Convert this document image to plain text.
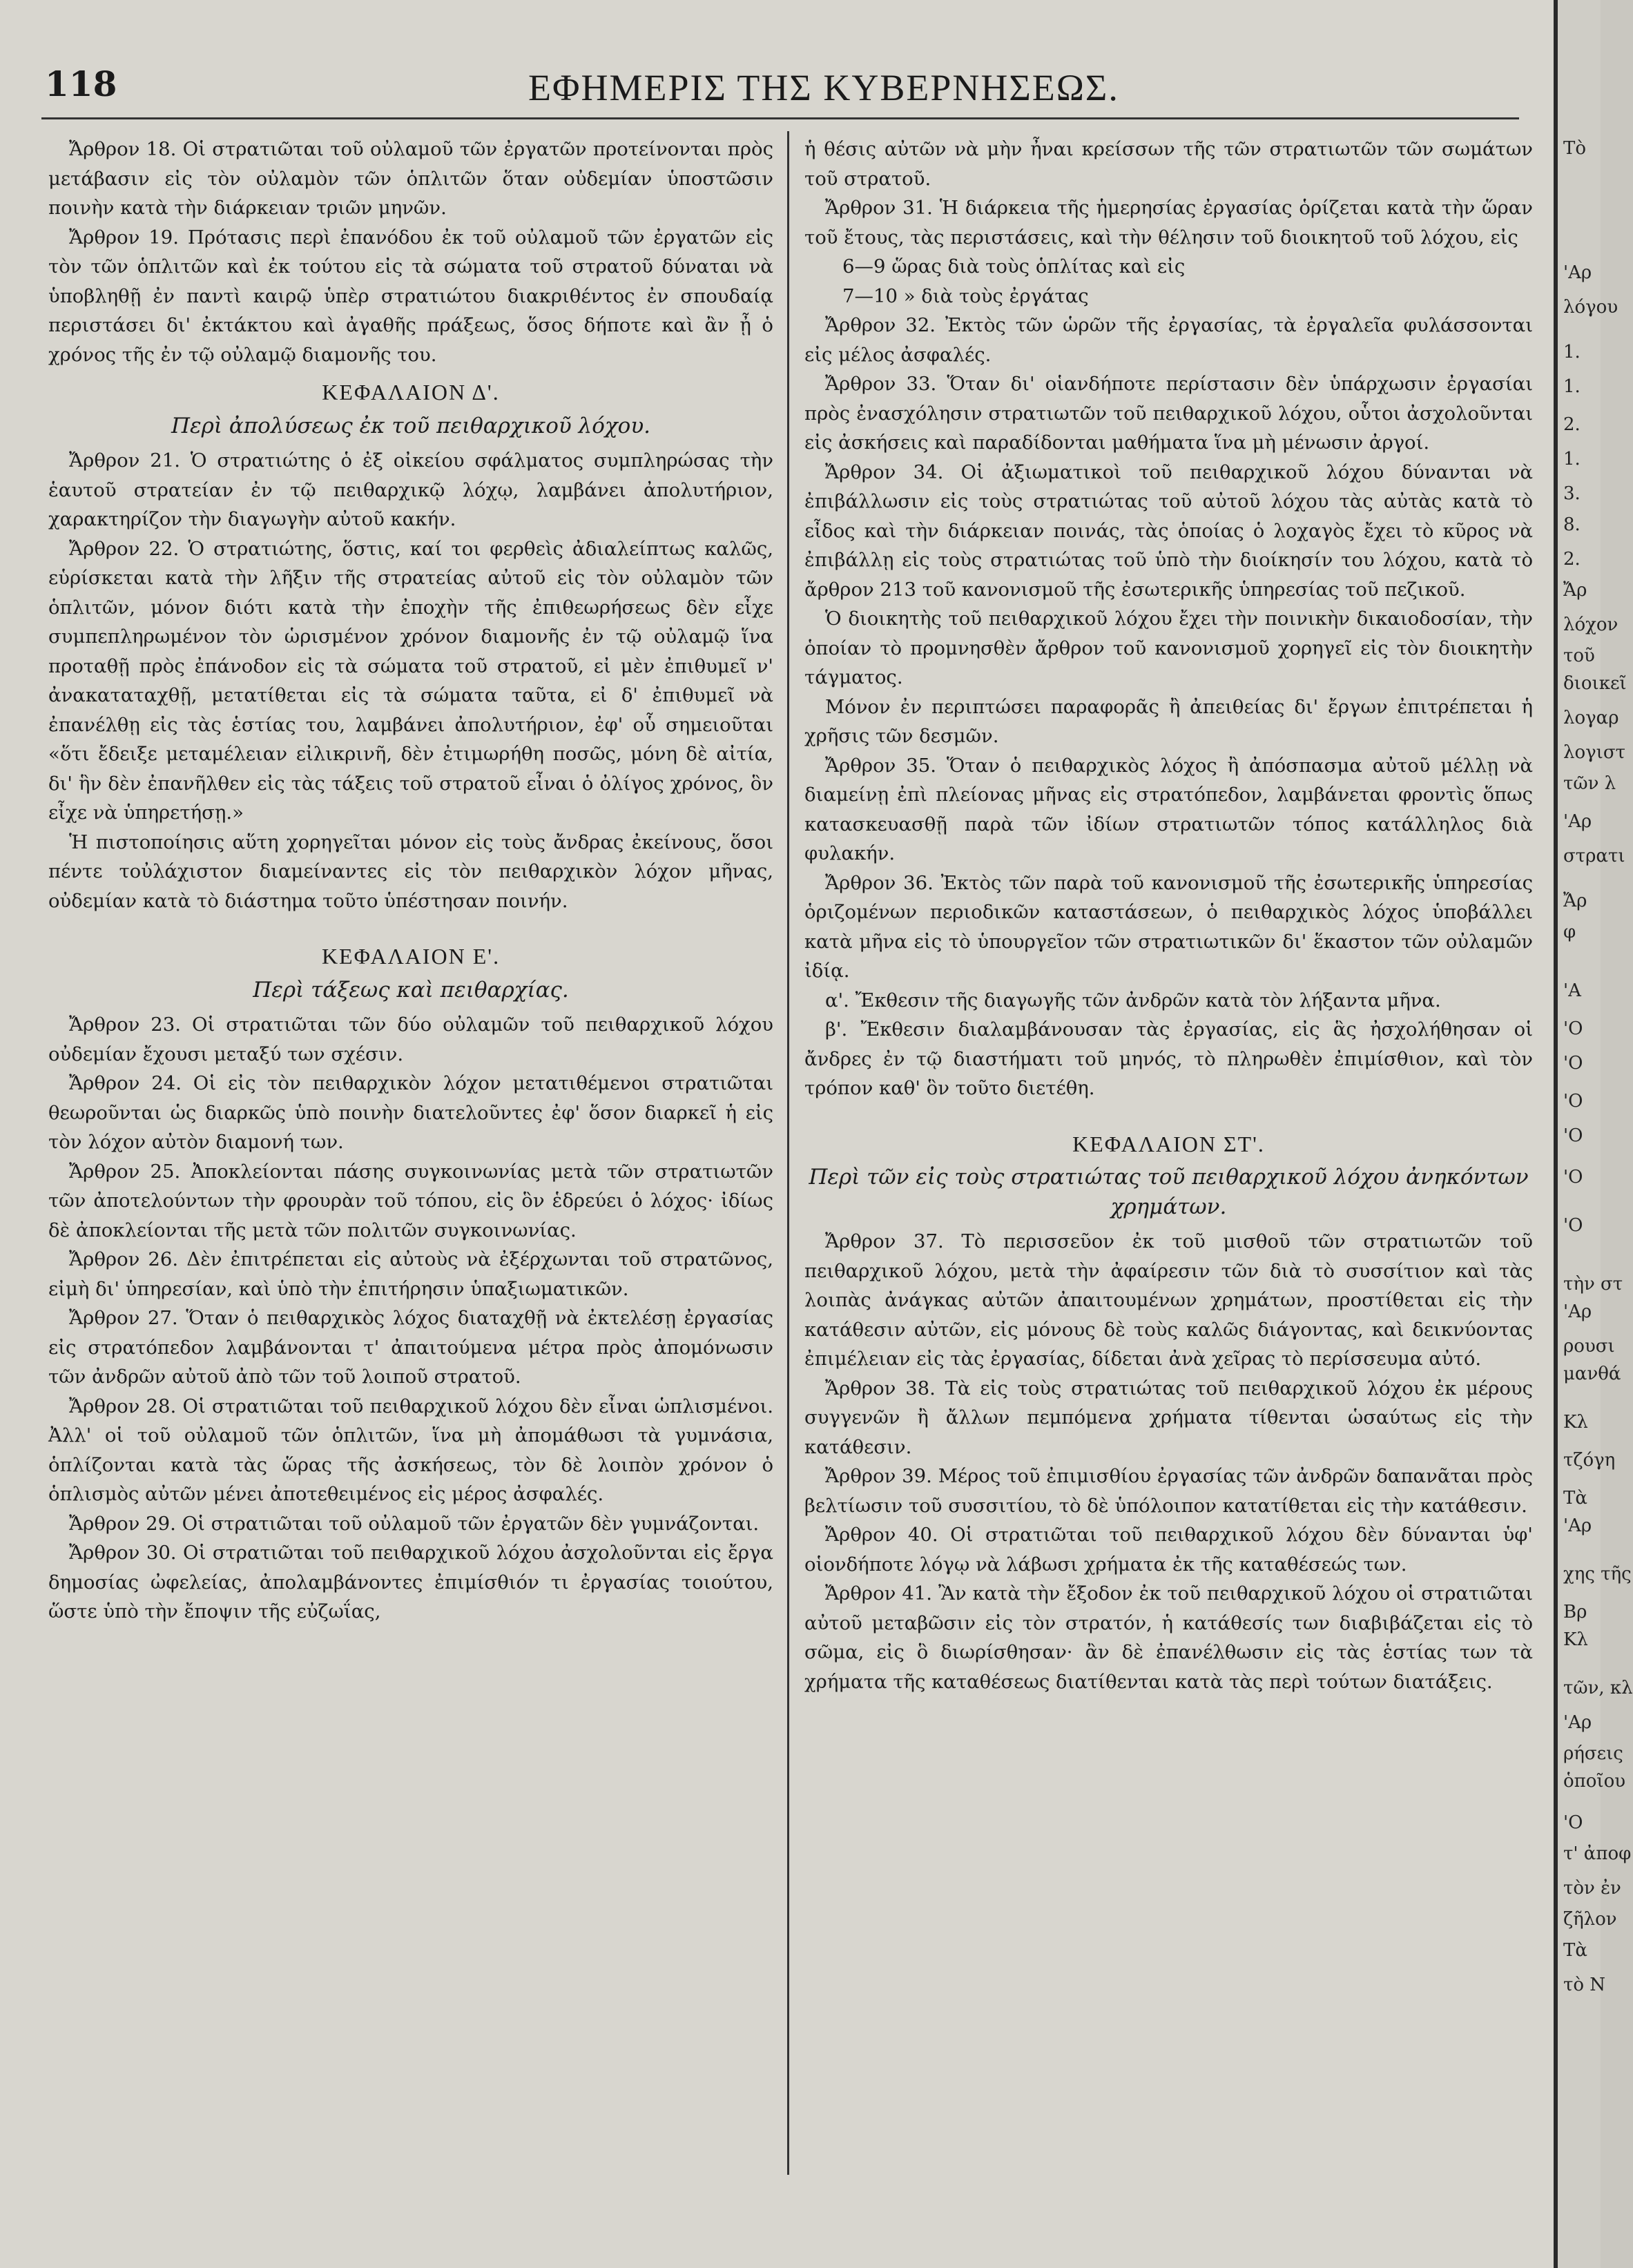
118	ΕΦΗΜΕΡΙΣ ΤΗΣ ΚΥΒΕΡΝΗΣΕΩΣ.

Ἄρθρον 18. Οἱ στρατιῶται τοῦ οὐλαμοῦ τῶν ἐργατῶν προτείνονται πρὸς μετάβασιν εἰς τὸν οὐλαμὸν τῶν ὁπλιτῶν ὅταν οὐδεμίαν ὑποστῶσιν ποινὴν κατὰ τὴν διάρκειαν τριῶν μηνῶν.

Ἄρθρον 19. Πρότασις περὶ ἐπανόδου ἐκ τοῦ οὐλαμοῦ τῶν ἐργατῶν εἰς τὸν τῶν ὁπλιτῶν καὶ ἐκ τούτου εἰς τὰ σώματα τοῦ στρατοῦ δύναται νὰ ὑποβληθῇ ἐν παντὶ καιρῷ ὑπὲρ στρατιώτου διακριθέντος ἐν σπουδαίᾳ περιστάσει δι' ἐκτάκτου καὶ ἀγαθῆς πράξεως, ὅσος δήποτε καὶ ἂν ᾖ ὁ χρόνος τῆς ἐν τῷ οὐλαμῷ διαμονῆς του.

ΚΕΦΑΛΑΙΟΝ Δ'.

Περὶ ἀπολύσεως ἐκ τοῦ πειθαρχικοῦ λόχου.

Ἄρθρον 21. Ὁ στρατιώτης ὁ ἐξ οἰκείου σφάλματος συμπληρώσας τὴν ἑαυτοῦ στρατείαν ἐν τῷ πειθαρχικῷ λόχῳ, λαμβάνει ἀπολυτήριον, χαρακτηρίζον τὴν διαγωγὴν αὐτοῦ κακήν.

Ἄρθρον 22. Ὁ στρατιώτης, ὅστις, καί τοι φερθεὶς ἀδιαλείπτως καλῶς, εὑρίσκεται κατὰ τὴν λῆξιν τῆς στρατείας αὐτοῦ εἰς τὸν οὐλαμὸν τῶν ὁπλιτῶν, μόνον διότι κατὰ τὴν ἐποχὴν τῆς ἐπιθεωρήσεως δὲν εἶχε συμπεπληρωμένον τὸν ὡρισμένον χρόνον διαμονῆς ἐν τῷ οὐλαμῷ ἵνα προταθῇ πρὸς ἐπάνοδον εἰς τὰ σώματα τοῦ στρατοῦ, εἰ μὲν ἐπιθυμεῖ ν' ἀνακαταταχθῇ, μετατίθεται εἰς τὰ σώματα ταῦτα, εἰ δ' ἐπιθυμεῖ νὰ ἐπανέλθῃ εἰς τὰς ἑστίας του, λαμβάνει ἀπολυτήριον, ἐφ' οὗ σημειοῦται «ὅτι ἔδειξε μεταμέλειαν εἰλικρινῆ, δὲν ἐτιμωρήθη ποσῶς, μόνη δὲ αἰτία, δι' ἣν δὲν ἐπανῆλθεν εἰς τὰς τάξεις τοῦ στρατοῦ εἶναι ὁ ὀλίγος χρόνος, ὃν εἶχε νὰ ὑπηρετήσῃ.»

Ἡ πιστοποίησις αὕτη χορηγεῖται μόνον εἰς τοὺς ἄνδρας ἐκείνους, ὅσοι πέντε τοὐλάχιστον διαμείναντες εἰς τὸν πειθαρχικὸν λόχον μῆνας, οὐδεμίαν κατὰ τὸ διάστημα τοῦτο ὑπέστησαν ποινήν.

ΚΕΦΑΛΑΙΟΝ Ε'.

Περὶ τάξεως καὶ πειθαρχίας.

Ἄρθρον 23. Οἱ στρατιῶται τῶν δύο οὐλαμῶν τοῦ πειθαρχικοῦ λόχου οὐδεμίαν ἔχουσι μεταξύ των σχέσιν.

Ἄρθρον 24. Οἱ εἰς τὸν πειθαρχικὸν λόχον μετατιθέμενοι στρατιῶται θεωροῦνται ὡς διαρκῶς ὑπὸ ποινὴν διατελοῦντες ἐφ' ὅσον διαρκεῖ ἡ εἰς τὸν λόχον αὐτὸν διαμονή των.

Ἄρθρον 25. Ἀποκλείονται πάσης συγκοινωνίας μετὰ τῶν στρατιωτῶν τῶν ἀποτελούντων τὴν φρουρὰν τοῦ τόπου, εἰς ὃν ἑδρεύει ὁ λόχος· ἰδίως δὲ ἀποκλείονται τῆς μετὰ τῶν πολιτῶν συγκοινωνίας.

Ἄρθρον 26. Δὲν ἐπιτρέπεται εἰς αὐτοὺς νὰ ἐξέρχωνται τοῦ στρατῶνος, εἰμὴ δι' ὑπηρεσίαν, καὶ ὑπὸ τὴν ἐπιτήρησιν ὑπαξιωματικῶν.

Ἄρθρον 27. Ὅταν ὁ πειθαρχικὸς λόχος διαταχθῇ νὰ ἐκτελέσῃ ἐργασίας εἰς στρατόπεδον λαμβάνονται τ' ἀπαιτούμενα μέτρα πρὸς ἀπομόνωσιν τῶν ἀνδρῶν αὐτοῦ ἀπὸ τῶν τοῦ λοιποῦ στρατοῦ.

Ἄρθρον 28. Οἱ στρατιῶται τοῦ πειθαρχικοῦ λόχου δὲν εἶναι ὡπλισμένοι. Ἀλλ' οἱ τοῦ οὐλαμοῦ τῶν ὁπλιτῶν, ἵνα μὴ ἀπομάθωσι τὰ γυμνάσια, ὁπλίζονται κατὰ τὰς ὥρας τῆς ἀσκήσεως, τὸν δὲ λοιπὸν χρόνον ὁ ὁπλισμὸς αὐτῶν μένει ἀποτεθειμένος εἰς μέρος ἀσφαλές.

Ἄρθρον 29. Οἱ στρατιῶται τοῦ οὐλαμοῦ τῶν ἐργατῶν δὲν γυμνάζονται.

Ἄρθρον 30. Οἱ στρατιῶται τοῦ πειθαρχικοῦ λόχου ἀσχολοῦνται εἰς ἔργα δημοσίας ὠφελείας, ἀπολαμβάνοντες ἐπιμίσθιόν τι ἐργασίας τοιούτου, ὥστε ὑπὸ τὴν ἔποψιν τῆς εὐζωΐας,

ἡ θέσις αὐτῶν νὰ μὴν ἦναι κρείσσων τῆς τῶν στρατιωτῶν τῶν σωμάτων τοῦ στρατοῦ.

Ἄρθρον 31. Ἡ διάρκεια τῆς ἡμερησίας ἐργασίας ὁρίζεται κατὰ τὴν ὥραν τοῦ ἔτους, τὰς περιστάσεις, καὶ τὴν θέλησιν τοῦ διοικητοῦ τοῦ λόχου, εἰς

6—9 ὥρας διὰ τοὺς ὁπλίτας καὶ εἰς

7—10 » διὰ τοὺς ἐργάτας

Ἄρθρον 32. Ἐκτὸς τῶν ὡρῶν τῆς ἐργασίας, τὰ ἐργαλεῖα φυλάσσονται εἰς μέλος ἀσφαλές.

Ἄρθρον 33. Ὅταν δι' οἱανδήποτε περίστασιν δὲν ὑπάρχωσιν ἐργασίαι πρὸς ἐνασχόλησιν στρατιωτῶν τοῦ πειθαρχικοῦ λόχου, οὗτοι ἀσχολοῦνται εἰς ἀσκήσεις καὶ παραδίδονται μαθήματα ἵνα μὴ μένωσιν ἀργοί.

Ἄρθρον 34. Οἱ ἀξιωματικοὶ τοῦ πειθαρχικοῦ λόχου δύνανται νὰ ἐπιβάλλωσιν εἰς τοὺς στρατιώτας τοῦ αὐτοῦ λόχου τὰς αὐτὰς κατὰ τὸ εἶδος καὶ τὴν διάρκειαν ποινάς, τὰς ὁποίας ὁ λοχαγὸς ἔχει τὸ κῦρος νὰ ἐπιβάλλῃ εἰς τοὺς στρατιώτας τοῦ ὑπὸ τὴν διοίκησίν του λόχου, κατὰ τὸ ἄρθρον 213 τοῦ κανονισμοῦ τῆς ἐσωτερικῆς ὑπηρεσίας τοῦ πεζικοῦ.

Ὁ διοικητὴς τοῦ πειθαρχικοῦ λόχου ἔχει τὴν ποινικὴν δικαιοδοσίαν, τὴν ὁποίαν τὸ προμνησθὲν ἄρθρον τοῦ κανονισμοῦ χορηγεῖ εἰς τὸν διοικητὴν τάγματος.

Μόνον ἐν περιπτώσει παραφορᾶς ἢ ἀπειθείας δι' ἔργων ἐπιτρέπεται ἡ χρῆσις τῶν δεσμῶν.

Ἄρθρον 35. Ὅταν ὁ πειθαρχικὸς λόχος ἢ ἀπόσπασμα αὐτοῦ μέλλῃ νὰ διαμείνῃ ἐπὶ πλείονας μῆνας εἰς στρατόπεδον, λαμβάνεται φροντὶς ὅπως κατασκευασθῇ παρὰ τῶν ἰδίων στρατιωτῶν τόπος κατάλληλος διὰ φυλακήν.

Ἄρθρον 36. Ἐκτὸς τῶν παρὰ τοῦ κανονισμοῦ τῆς ἐσωτερικῆς ὑπηρεσίας ὁριζομένων περιοδικῶν καταστάσεων, ὁ πειθαρχικὸς λόχος ὑποβάλλει κατὰ μῆνα εἰς τὸ ὑπουργεῖον τῶν στρατιωτικῶν δι' ἕκαστον τῶν οὐλαμῶν ἰδίᾳ.

α'. Ἔκθεσιν τῆς διαγωγῆς τῶν ἀνδρῶν κατὰ τὸν λήξαντα μῆνα.

β'. Ἔκθεσιν διαλαμβάνουσαν τὰς ἐργασίας, εἰς ἃς ἠσχολήθησαν οἱ ἄνδρες ἐν τῷ διαστήματι τοῦ μηνός, τὸ πληρωθὲν ἐπιμίσθιον, καὶ τὸν τρόπον καθ' ὃν τοῦτο διετέθη.

ΚΕΦΑΛΑΙΟΝ ΣΤ'.

Περὶ τῶν εἰς τοὺς στρατιώτας τοῦ πειθαρχικοῦ λόχου ἀνηκόντων χρημάτων.

Ἄρθρον 37. Τὸ περισσεῦον ἐκ τοῦ μισθοῦ τῶν στρατιωτῶν τοῦ πειθαρχικοῦ λόχου, μετὰ τὴν ἀφαίρεσιν τῶν διὰ τὸ συσσίτιον καὶ τὰς λοιπὰς ἀνάγκας αὐτῶν ἀπαιτουμένων χρημάτων, προστίθεται εἰς τὴν κατάθεσιν αὐτῶν, εἰς μόνους δὲ τοὺς καλῶς διάγοντας, καὶ δεικνύοντας ἐπιμέλειαν εἰς τὰς ἐργασίας, δίδεται ἀνὰ χεῖρας τὸ περίσσευμα αὐτό.

Ἄρθρον 38. Τὰ εἰς τοὺς στρατιώτας τοῦ πειθαρχικοῦ λόχου ἐκ μέρους συγγενῶν ἢ ἄλλων πεμπόμενα χρήματα τίθενται ὡσαύτως εἰς τὴν κατάθεσιν.

Ἄρθρον 39. Μέρος τοῦ ἐπιμισθίου ἐργασίας τῶν ἀνδρῶν δαπανᾶται πρὸς βελτίωσιν τοῦ συσσιτίου, τὸ δὲ ὑπόλοιπον κατατίθεται εἰς τὴν κατάθεσιν.

Ἄρθρον 40. Οἱ στρατιῶται τοῦ πειθαρχικοῦ λόχου δὲν δύνανται ὑφ' οἱονδήποτε λόγῳ νὰ λάβωσι χρήματα ἐκ τῆς καταθέσεώς των.

Ἄρθρον 41. Ἂν κατὰ τὴν ἔξοδον ἐκ τοῦ πειθαρχικοῦ λόχου οἱ στρατιῶται αὐτοῦ μεταβῶσιν εἰς τὸν στρατόν, ἡ κατάθεσίς των διαβιβάζεται εἰς τὸ σῶμα, εἰς ὃ διωρίσθησαν· ἂν δὲ ἐπανέλθωσιν εἰς τὰς ἑστίας των τὰ χρήματα τῆς καταθέσεως διατίθενται κατὰ τὰς περὶ τούτων διατάξεις.

Τὸ
'Αρ
λόγου
1.
1.
2.
1.
3.
8.
2.
Ἄρ
λόχον
τοῦ
διοικεῖ
λογαρ
λογιστ
τῶν λ
'Αρ
στρατι
Ἄρ
φ
'Α
'Ο
'Ο
'Ο
'Ο
'Ο
'Ο
τὴν στ
'Αρ
ρουσι
μανθά
Κλ
τζόγη
Τὰ
'Αρ
χης τῆς
Βρ
Κλ
τῶν, κλ
'Αρ
ρήσεις
ὁποῖου
'Ο
τ' ἀποφ
τὸν ἐν
ζῆλον
Τὰ
τὸ Ν
